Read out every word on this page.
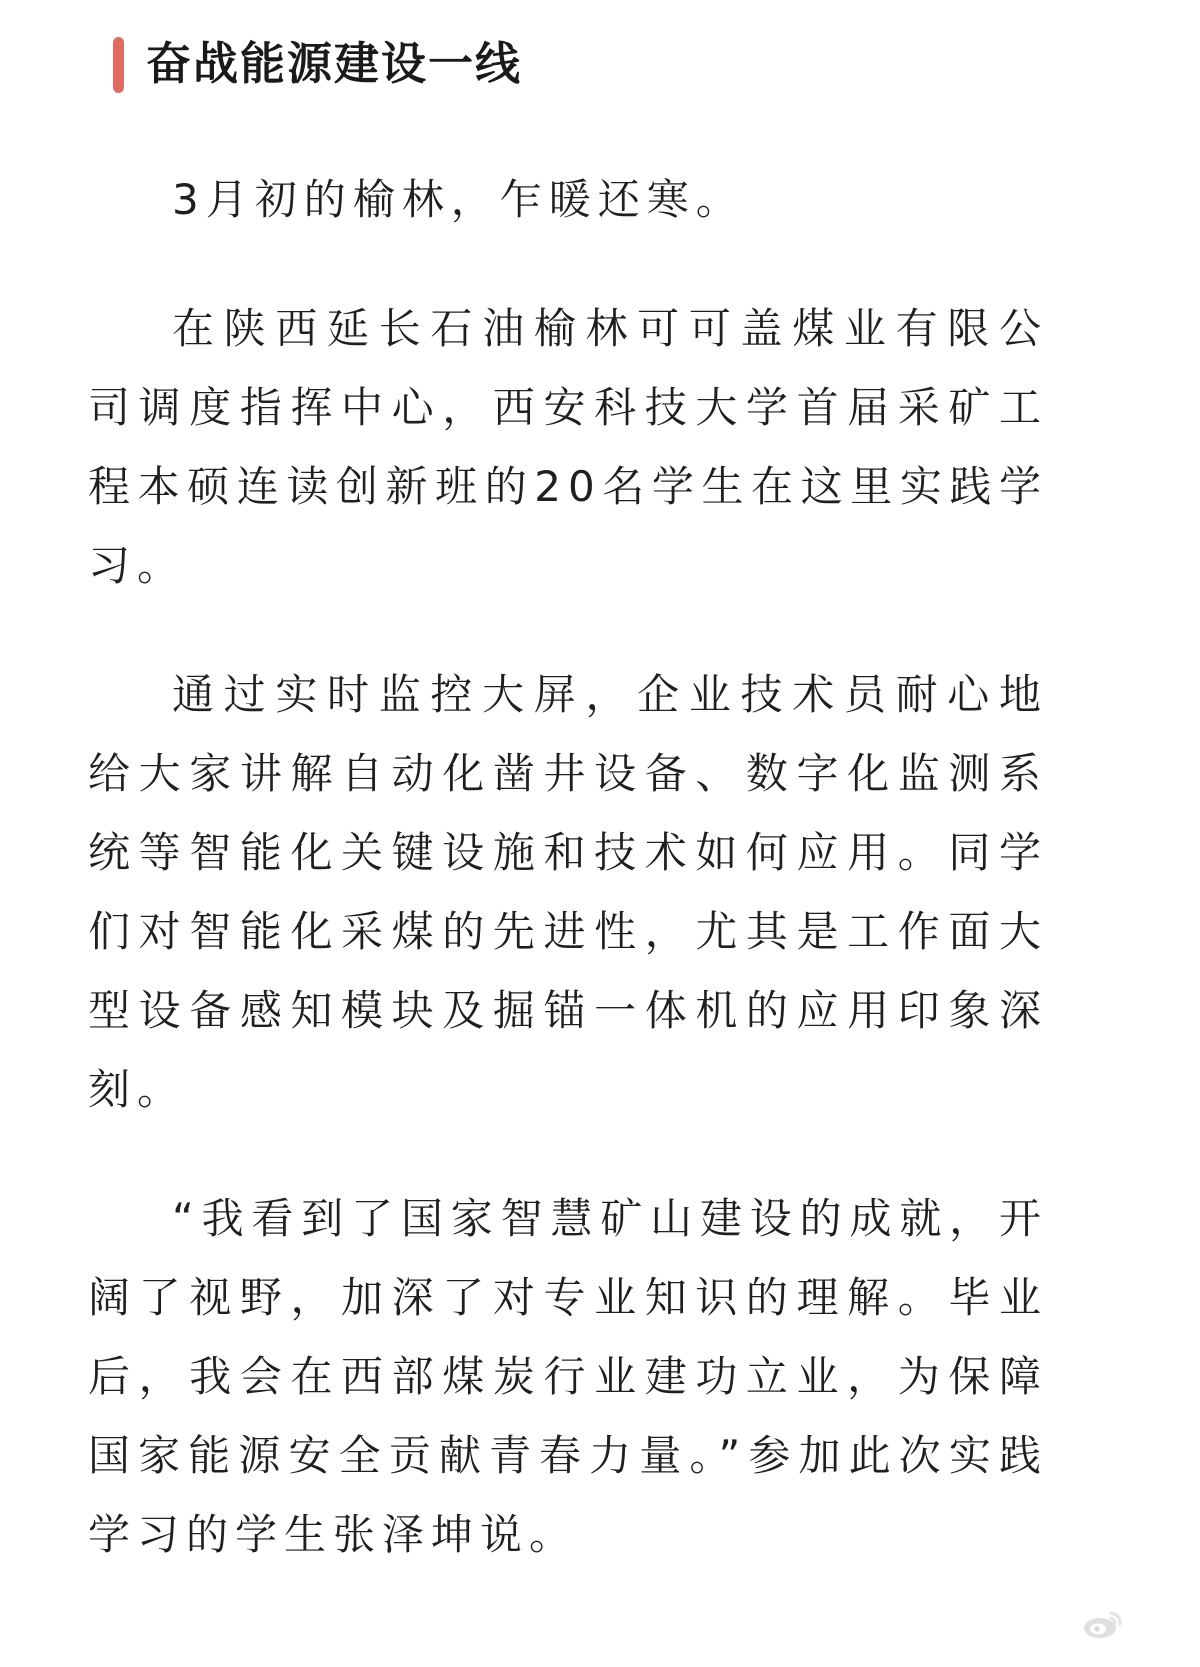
奋战能源建设一线

3月初的榆林，乍暖还寒。

在陕西延长石油榆林可可盖煤业有限公司调度指挥中心，西安科技大学首届采矿工程本硕连读创新班的20名学生在这里实践学习。

通过实时监控大屏，企业技术员耐心地给大家讲解自动化凿井设备、数字化监测系统等智能化关键设施和技术如何应用。同学们对智能化采煤的先进性，尤其是工作面大型设备感知模块及掘锚一体机的应用印象深刻。

“我看到了国家智慧矿山建设的成就，开阔了视野，加深了对专业知识的理解。毕业后，我会在西部煤炭行业建功立业，为保障国家能源安全贡献青春力量。”参加此次实践学习的学生张泽坤说。
